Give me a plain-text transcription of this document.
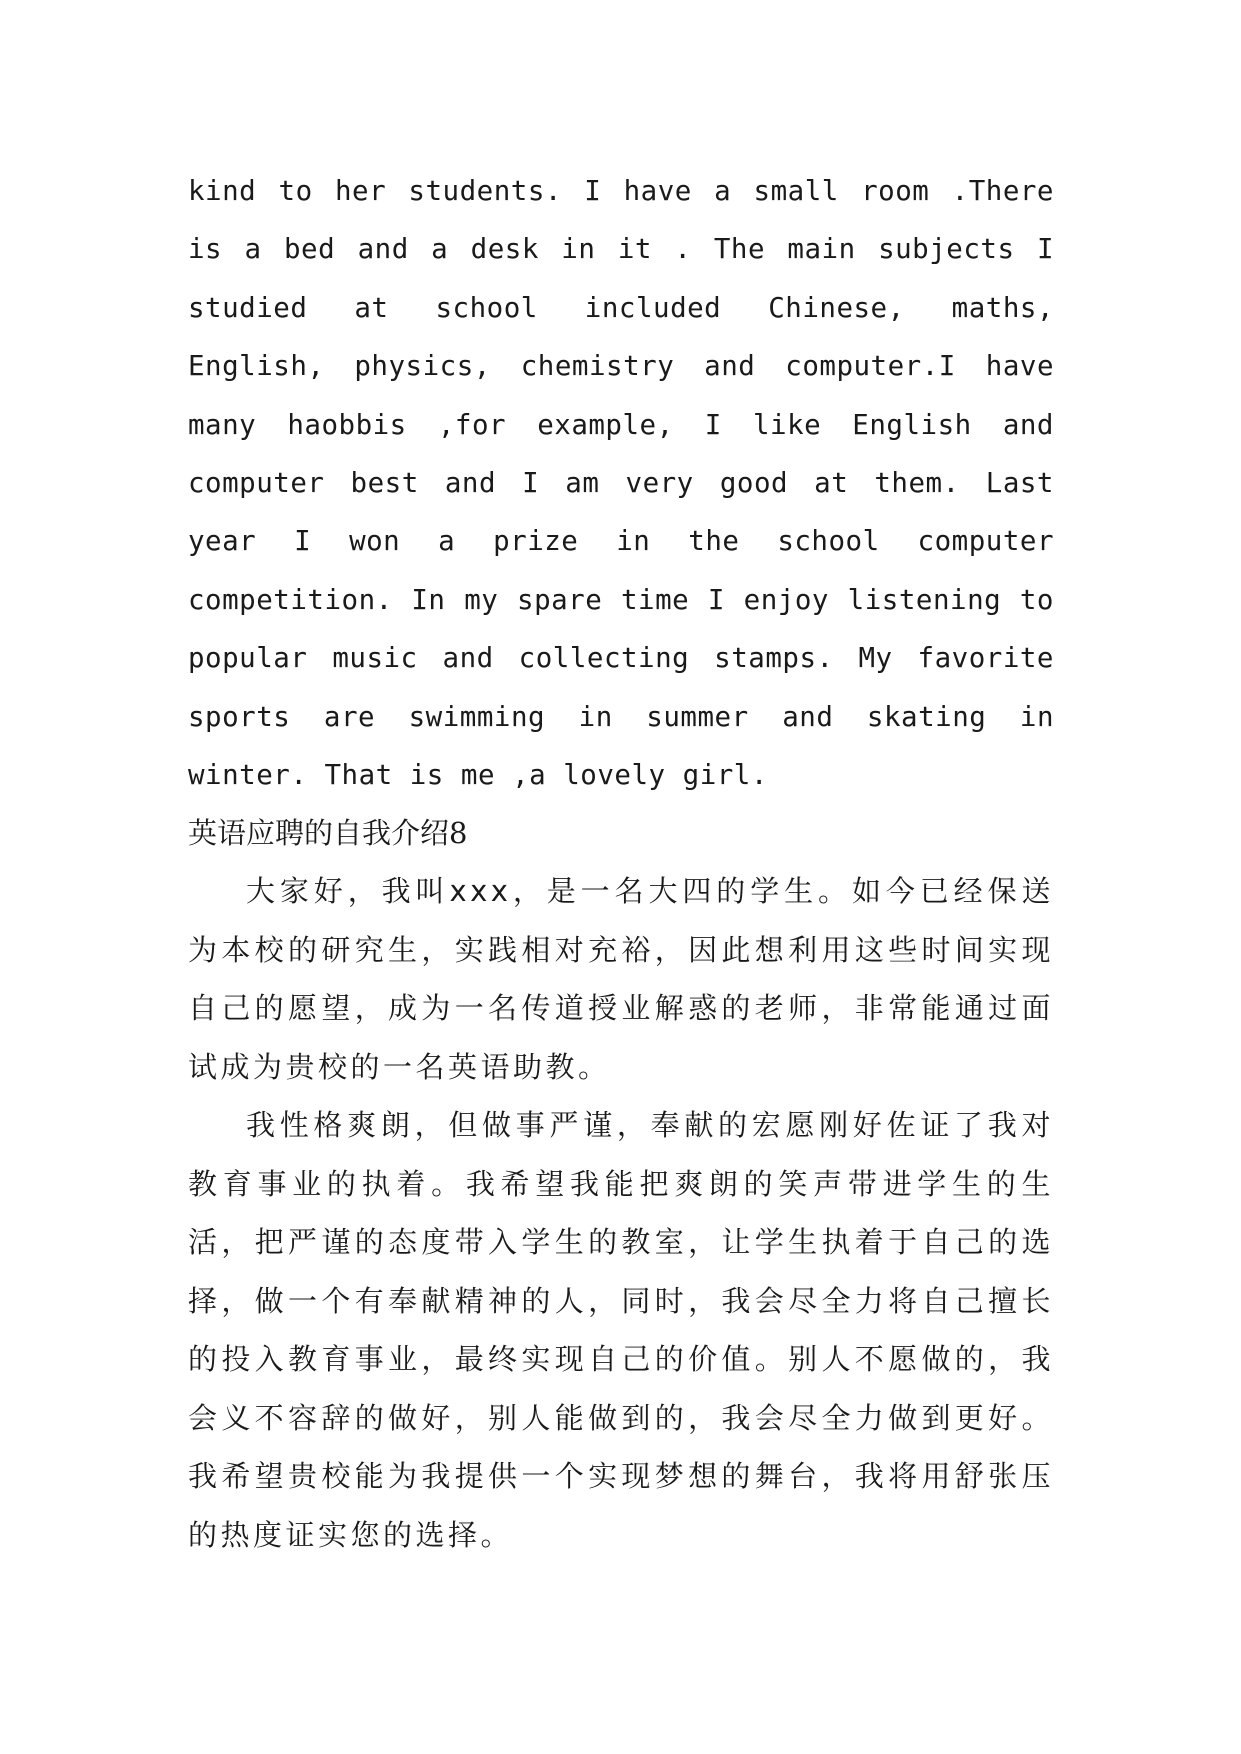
kind to her students. I have a small room .There is a bed and a desk in it . The main subjects I studied at school included Chinese, maths, English, physics, chemistry and computer.I have many haobbis ,for example, I like English and computer best and I am very good at them. Last year I won a prize in the school computer competition. In my spare time I enjoy listening to popular music and collecting stamps. My favorite sports are swimming in summer and skating in winter. That is me ,a lovely girl.

英语应聘的自我介绍8

大家好，我叫xxx，是一名大四的学生。如今已经保送为本校的研究生，实践相对充裕，因此想利用这些时间实现自己的愿望，成为一名传道授业解惑的老师，非常能通过面试成为贵校的一名英语助教。

我性格爽朗，但做事严谨，奉献的宏愿刚好佐证了我对教育事业的执着。我希望我能把爽朗的笑声带进学生的生活，把严谨的态度带入学生的教室，让学生执着于自己的选择，做一个有奉献精神的人，同时，我会尽全力将自己擅长的投入教育事业，最终实现自己的价值。别人不愿做的，我会义不容辞的做好，别人能做到的，我会尽全力做到更好。我希望贵校能为我提供一个实现梦想的舞台，我将用舒张压的热度证实您的选择。
